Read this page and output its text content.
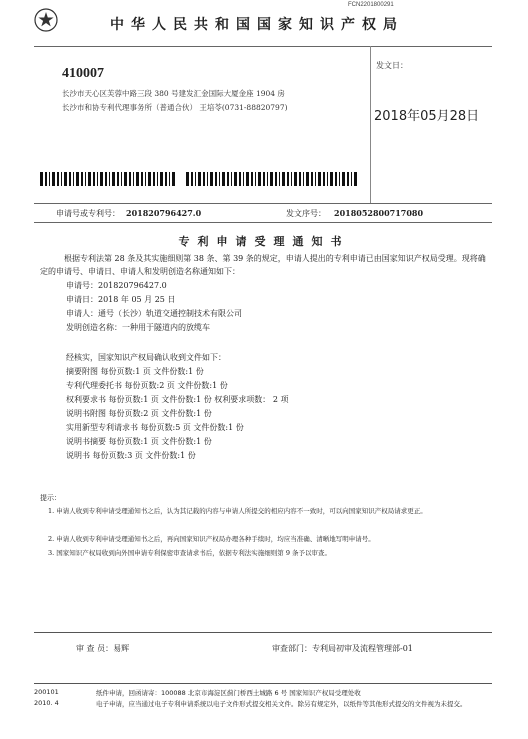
FCN2201800291
中华人民共和国国家知识产权局
410007
长沙市天心区芙蓉中路三段 380 号建发汇金国际大厦金座 1904 房
长沙市和协专利代理事务所（普通合伙） 王培苓(0731-88820797)
发文日：
2018年05月28日
申请号或专利号： 201820796427.0	发文序号： 2018052800717080
专利申请受理通知书
根据专利法第 28 条及其实施细则第 38 条、第 39 条的规定，申请人提出的专利申请已由国家知识产权局受理。现将确定的申请号、申请日、申请人和发明创造名称通知如下：
申请号：201820796427.0
申请日：2018 年 05 月 25 日
申请人：通号（长沙）轨道交通控制技术有限公司
发明创造名称：一种用于隧道内的放缆车
经核实，国家知识产权局确认收到文件如下：
摘要附图 每份页数:1 页 文件份数:1 份
专利代理委托书 每份页数:2 页 文件份数:1 份
权利要求书 每份页数:1 页 文件份数:1 份 权利要求项数： 2 项
说明书附图 每份页数:2 页 文件份数:1 份
实用新型专利请求书 每份页数:5 页 文件份数:1 份
说明书摘要 每份页数:1 页 文件份数:1 份
说明书 每份页数:3 页 文件份数:1 份
提示：
1. 申请人收到专利申请受理通知书之后，认为其记载的内容与申请人所提交的相应内容不一致时，可以向国家知识产权局请求更正。
2. 申请人收到专利申请受理通知书之后，再向国家知识产权局办理各种手续时，均应当准确、清晰地写明申请号。
3. 国家知识产权局收到向外国申请专利保密审查请求书后，依据专利法实施细则第 9 条予以审查。
审 查 员：易辉	审查部门：专利局初审及流程管理部-01
200101
2010. 4
纸件申请，回函请寄：100088 北京市海淀区蓟门桥西土城路 6 号 国家知识产权局受理处收
电子申请，应当通过电子专利申请系统以电子文件形式提交相关文件。除另有规定外，以纸件等其他形式提交的文件视为未提交。
